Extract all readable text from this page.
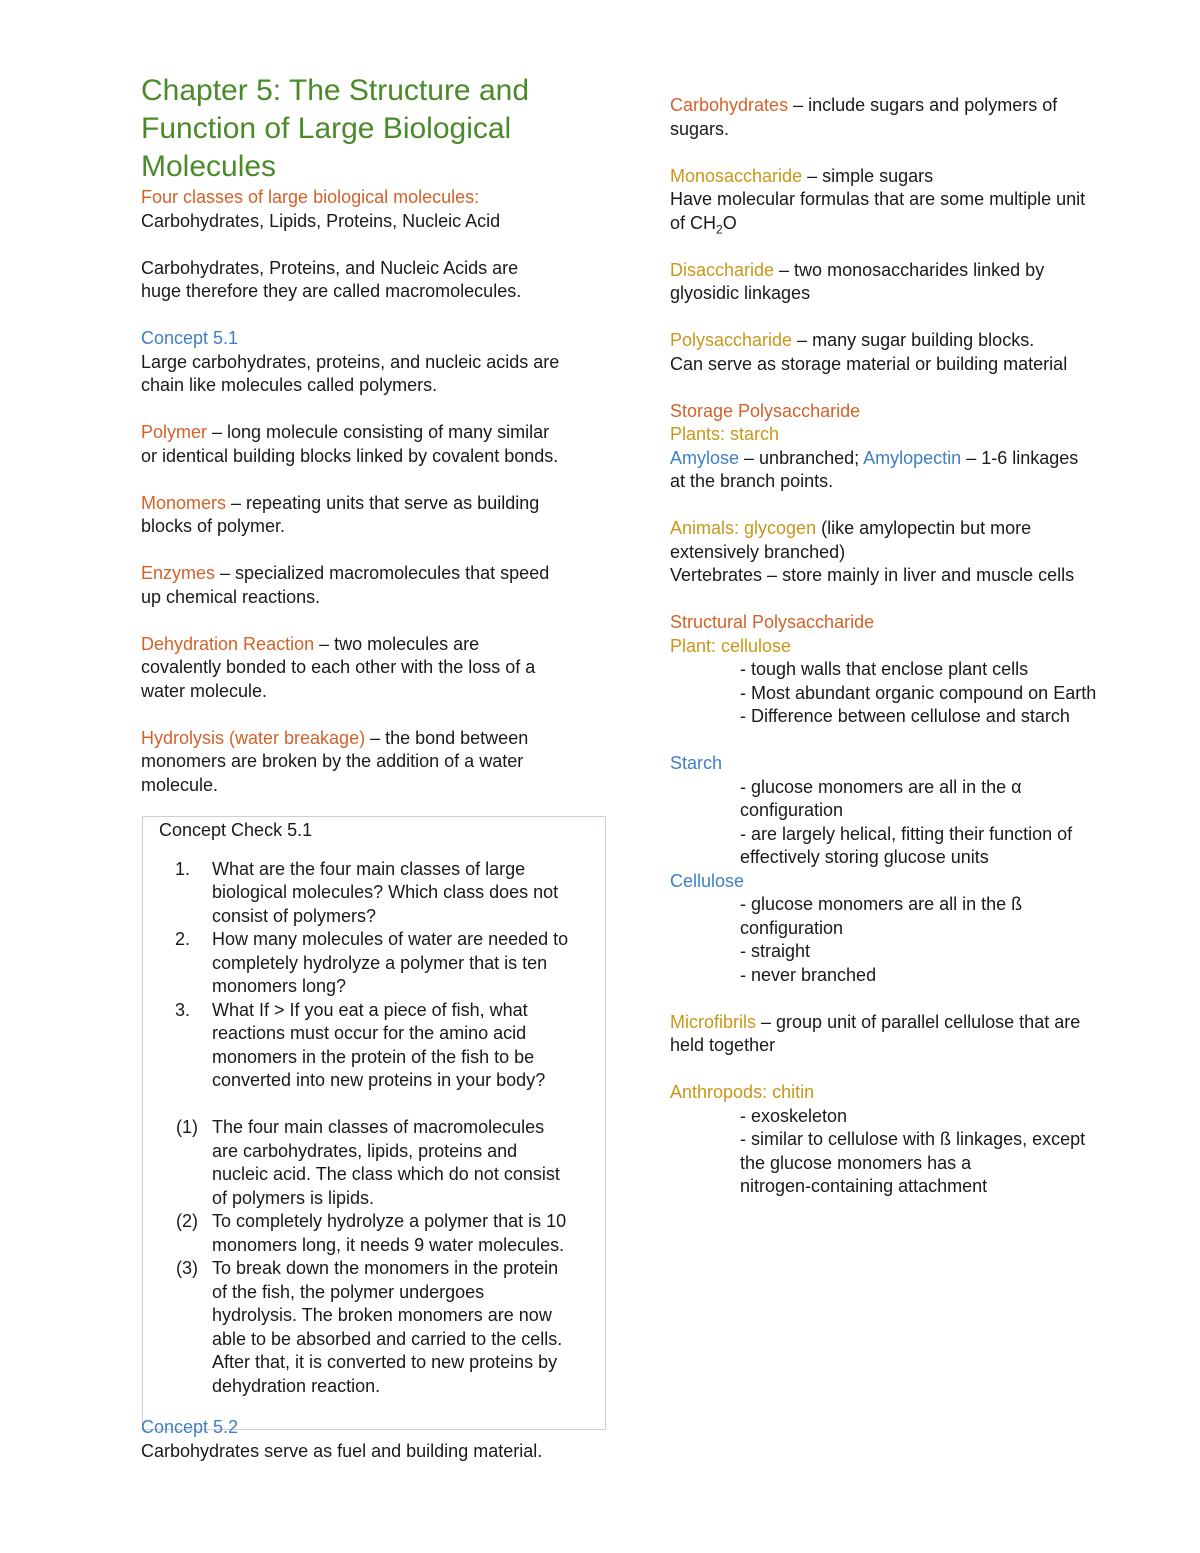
Chapter 5: The Structure and Function of Large Biological Molecules

Four classes of large biological molecules:

Carbohydrates, Lipids, Proteins, Nucleic Acid

Carbohydrates, Proteins, and Nucleic Acids are

huge therefore they are called macromolecules.

Concept 5.1

Large carbohydrates, proteins, and nucleic acids are

chain like molecules called polymers.

Polymer – long molecule consisting of many similar

or identical building blocks linked by covalent bonds.

Monomers – repeating units that serve as building

blocks of polymer.

Enzymes – specialized macromolecules that speed

up chemical reactions.

Dehydration Reaction – two molecules are

covalently bonded to each other with the loss of a

water molecule.

Hydrolysis (water breakage) – the bond between

monomers are broken by the addition of a water

molecule.

Concept Check 5.1

1. What are the four main classes of large
biological molecules? Which class does not
consist of polymers?
2. How many molecules of water are needed to
completely hydrolyze a polymer that is ten
monomers long?
3. What If > If you eat a piece of fish, what
reactions must occur for the amino acid
monomers in the protein of the fish to be
converted into new proteins in your body?
(1) The four main classes of macromolecules
are carbohydrates, lipids, proteins and
nucleic acid. The class which do not consist
of polymers is lipids.
(2) To completely hydrolyze a polymer that is 10
monomers long, it needs 9 water molecules.
(3) To break down the monomers in the protein
of the fish, the polymer undergoes
hydrolysis. The broken monomers are now
able to be absorbed and carried to the cells.
After that, it is converted to new proteins by
dehydration reaction.

Concept 5.2

Carbohydrates serve as fuel and building material.

Carbohydrates – include sugars and polymers of

sugars.

Monosaccharide – simple sugars

Have molecular formulas that are some multiple unit

of $CH_2O$

Disaccharide – two monosaccharides linked by

glyosidic linkages

Polysaccharide – many sugar building blocks.

Can serve as storage material or building material

Storage Polysaccharide

Plants: starch

Amylose – unbranched; Amylopectin – 1-6 linkages

at the branch points.

Animals: glycogen (like amylopectin but more

extensively branched)

Vertebrates – store mainly in liver and muscle cells

Structural Polysaccharide

Plant: cellulose

- tough walls that enclose plant cells

- Most abundant organic compound on Earth

- Difference between cellulose and starch

Starch

- glucose monomers are all in the α

configuration

- are largely helical, fitting their function of

effectively storing glucose units

Cellulose

- glucose monomers are all in the ß

configuration

- straight

- never branched

Microfibrils – group unit of parallel cellulose that are

held together

Anthropods: chitin

- exoskeleton

- similar to cellulose with ß linkages, except

the glucose monomers has a

nitrogen-containing attachment
